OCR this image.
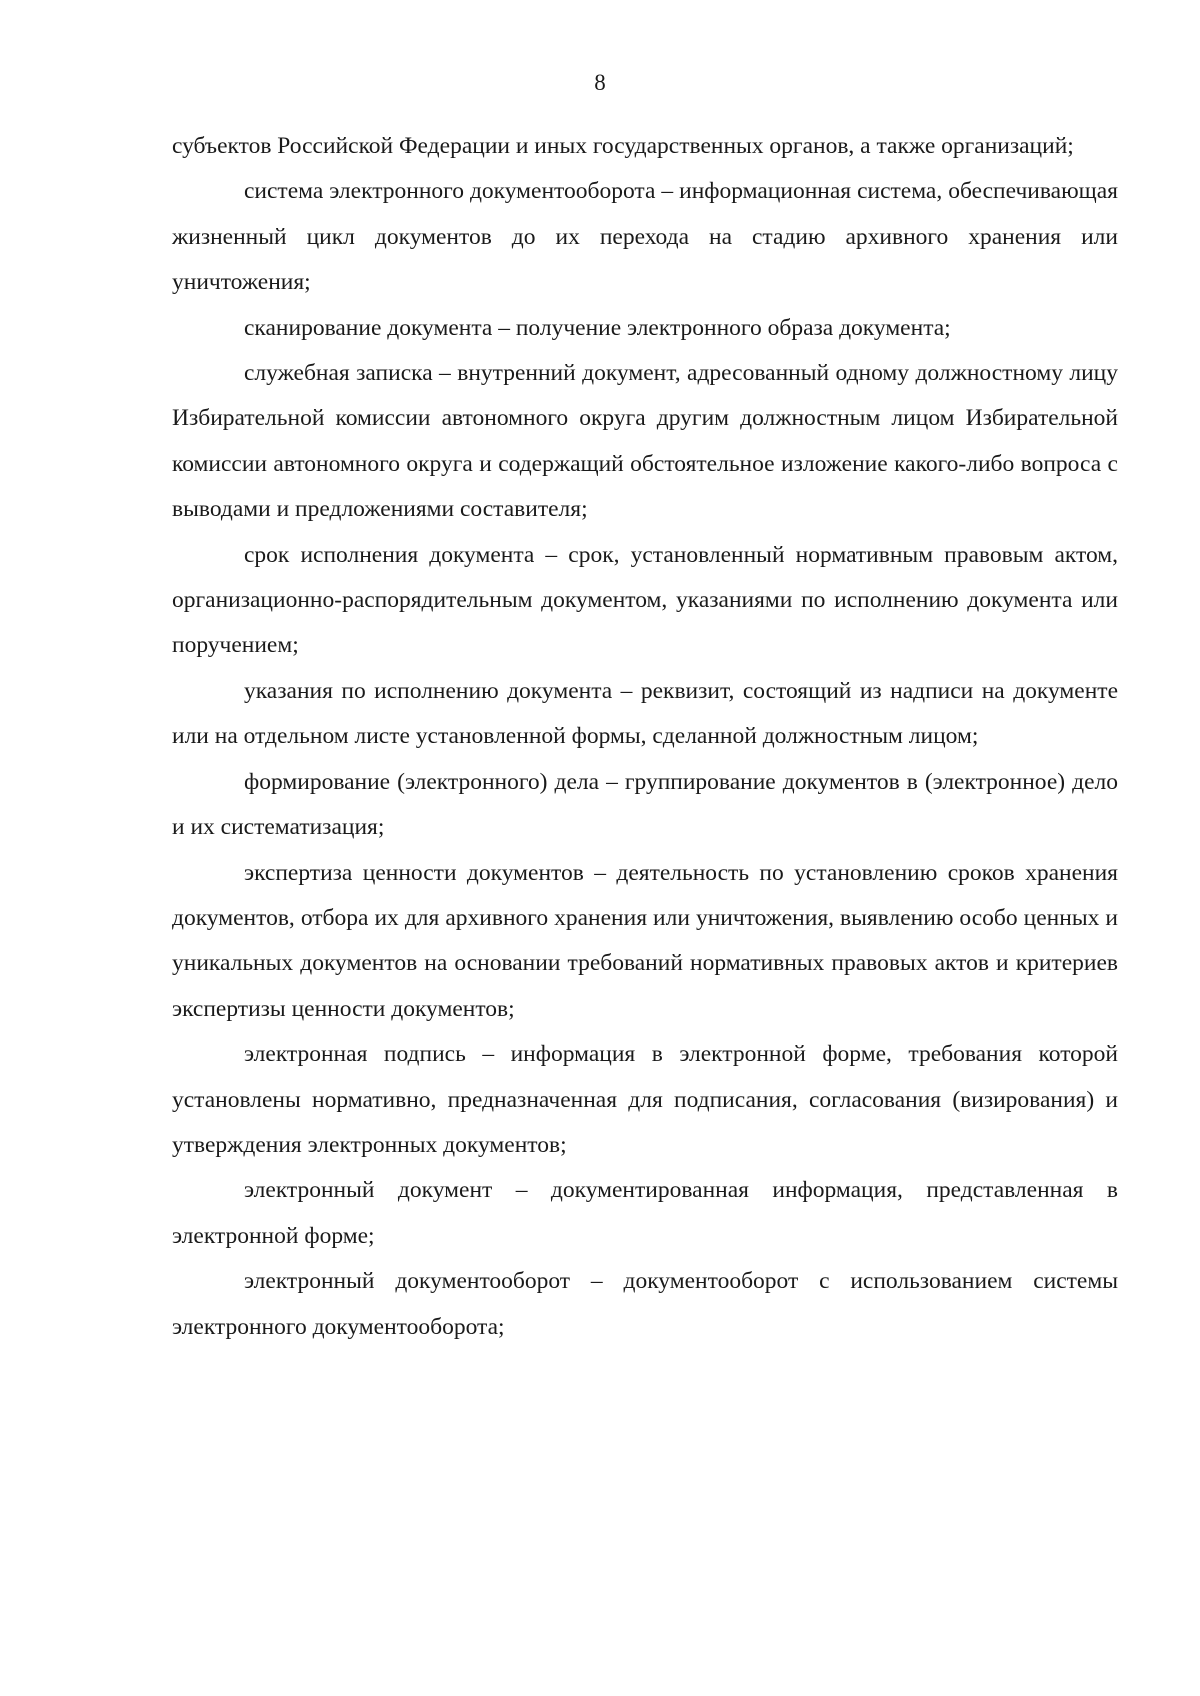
8

субъектов Российской Федерации и иных государственных органов, а также организаций;

система электронного документооборота – информационная система, обеспечивающая жизненный цикл документов до их перехода на стадию архивного хранения или уничтожения;

сканирование документа – получение электронного образа документа;

служебная записка – внутренний документ, адресованный одному должностному лицу Избирательной комиссии автономного округа другим должностным лицом Избирательной комиссии автономного округа и содержащий обстоятельное изложение какого-либо вопроса с выводами и предложениями составителя;

срок исполнения документа – срок, установленный нормативным правовым актом, организационно-распорядительным документом, указаниями по исполнению документа или поручением;

указания по исполнению документа – реквизит, состоящий из надписи на документе или на отдельном листе установленной формы, сделанной должностным лицом;

формирование (электронного) дела – группирование документов в (электронное) дело и их систематизация;

экспертиза ценности документов – деятельность по установлению сроков хранения документов, отбора их для архивного хранения или уничтожения, выявлению особо ценных и уникальных документов на основании требований нормативных правовых актов и критериев экспертизы ценности документов;

электронная подпись – информация в электронной форме, требования которой установлены нормативно, предназначенная для подписания, согласования (визирования) и утверждения электронных документов;

электронный документ – документированная информация, представленная в электронной форме;

электронный документооборот – документооборот с использованием системы электронного документооборота;
